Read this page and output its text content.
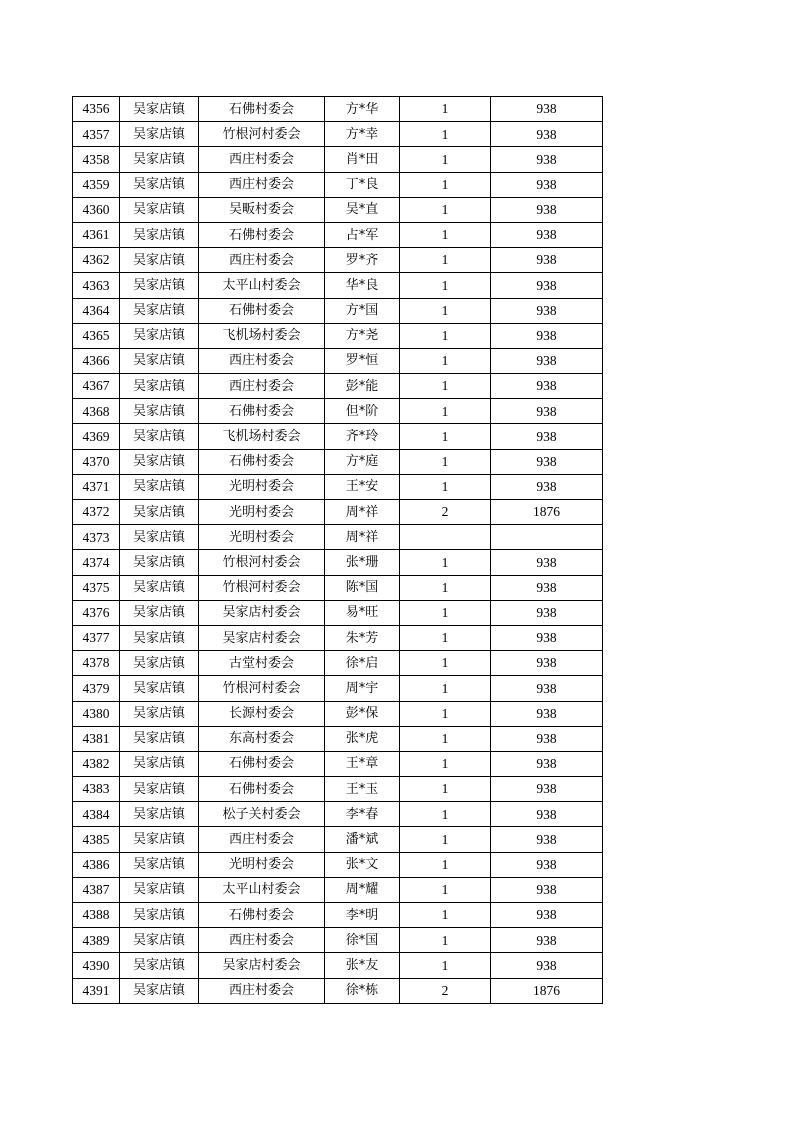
4356	吴家店镇	石佛村委会	方*华	1	938
4357	吴家店镇	竹根河村委会	方*幸	1	938
4358	吴家店镇	西庄村委会	肖*田	1	938
4359	吴家店镇	西庄村委会	丁*良	1	938
4360	吴家店镇	吴畈村委会	吴*直	1	938
4361	吴家店镇	石佛村委会	占*军	1	938
4362	吴家店镇	西庄村委会	罗*齐	1	938
4363	吴家店镇	太平山村委会	华*良	1	938
4364	吴家店镇	石佛村委会	方*国	1	938
4365	吴家店镇	飞机场村委会	方*尧	1	938
4366	吴家店镇	西庄村委会	罗*恒	1	938
4367	吴家店镇	西庄村委会	彭*能	1	938
4368	吴家店镇	石佛村委会	但*阶	1	938
4369	吴家店镇	飞机场村委会	齐*玲	1	938
4370	吴家店镇	石佛村委会	方*庭	1	938
4371	吴家店镇	光明村委会	王*安	1	938
4372	吴家店镇	光明村委会	周*祥	2	1876
4373	吴家店镇	光明村委会	周*祥		
4374	吴家店镇	竹根河村委会	张*珊	1	938
4375	吴家店镇	竹根河村委会	陈*国	1	938
4376	吴家店镇	吴家店村委会	易*旺	1	938
4377	吴家店镇	吴家店村委会	朱*芳	1	938
4378	吴家店镇	古堂村委会	徐*启	1	938
4379	吴家店镇	竹根河村委会	周*宇	1	938
4380	吴家店镇	长源村委会	彭*保	1	938
4381	吴家店镇	东高村委会	张*虎	1	938
4382	吴家店镇	石佛村委会	王*章	1	938
4383	吴家店镇	石佛村委会	王*玉	1	938
4384	吴家店镇	松子关村委会	李*春	1	938
4385	吴家店镇	西庄村委会	潘*斌	1	938
4386	吴家店镇	光明村委会	张*文	1	938
4387	吴家店镇	太平山村委会	周*耀	1	938
4388	吴家店镇	石佛村委会	李*明	1	938
4389	吴家店镇	西庄村委会	徐*国	1	938
4390	吴家店镇	吴家店村委会	张*友	1	938
4391	吴家店镇	西庄村委会	徐*栋	2	1876
